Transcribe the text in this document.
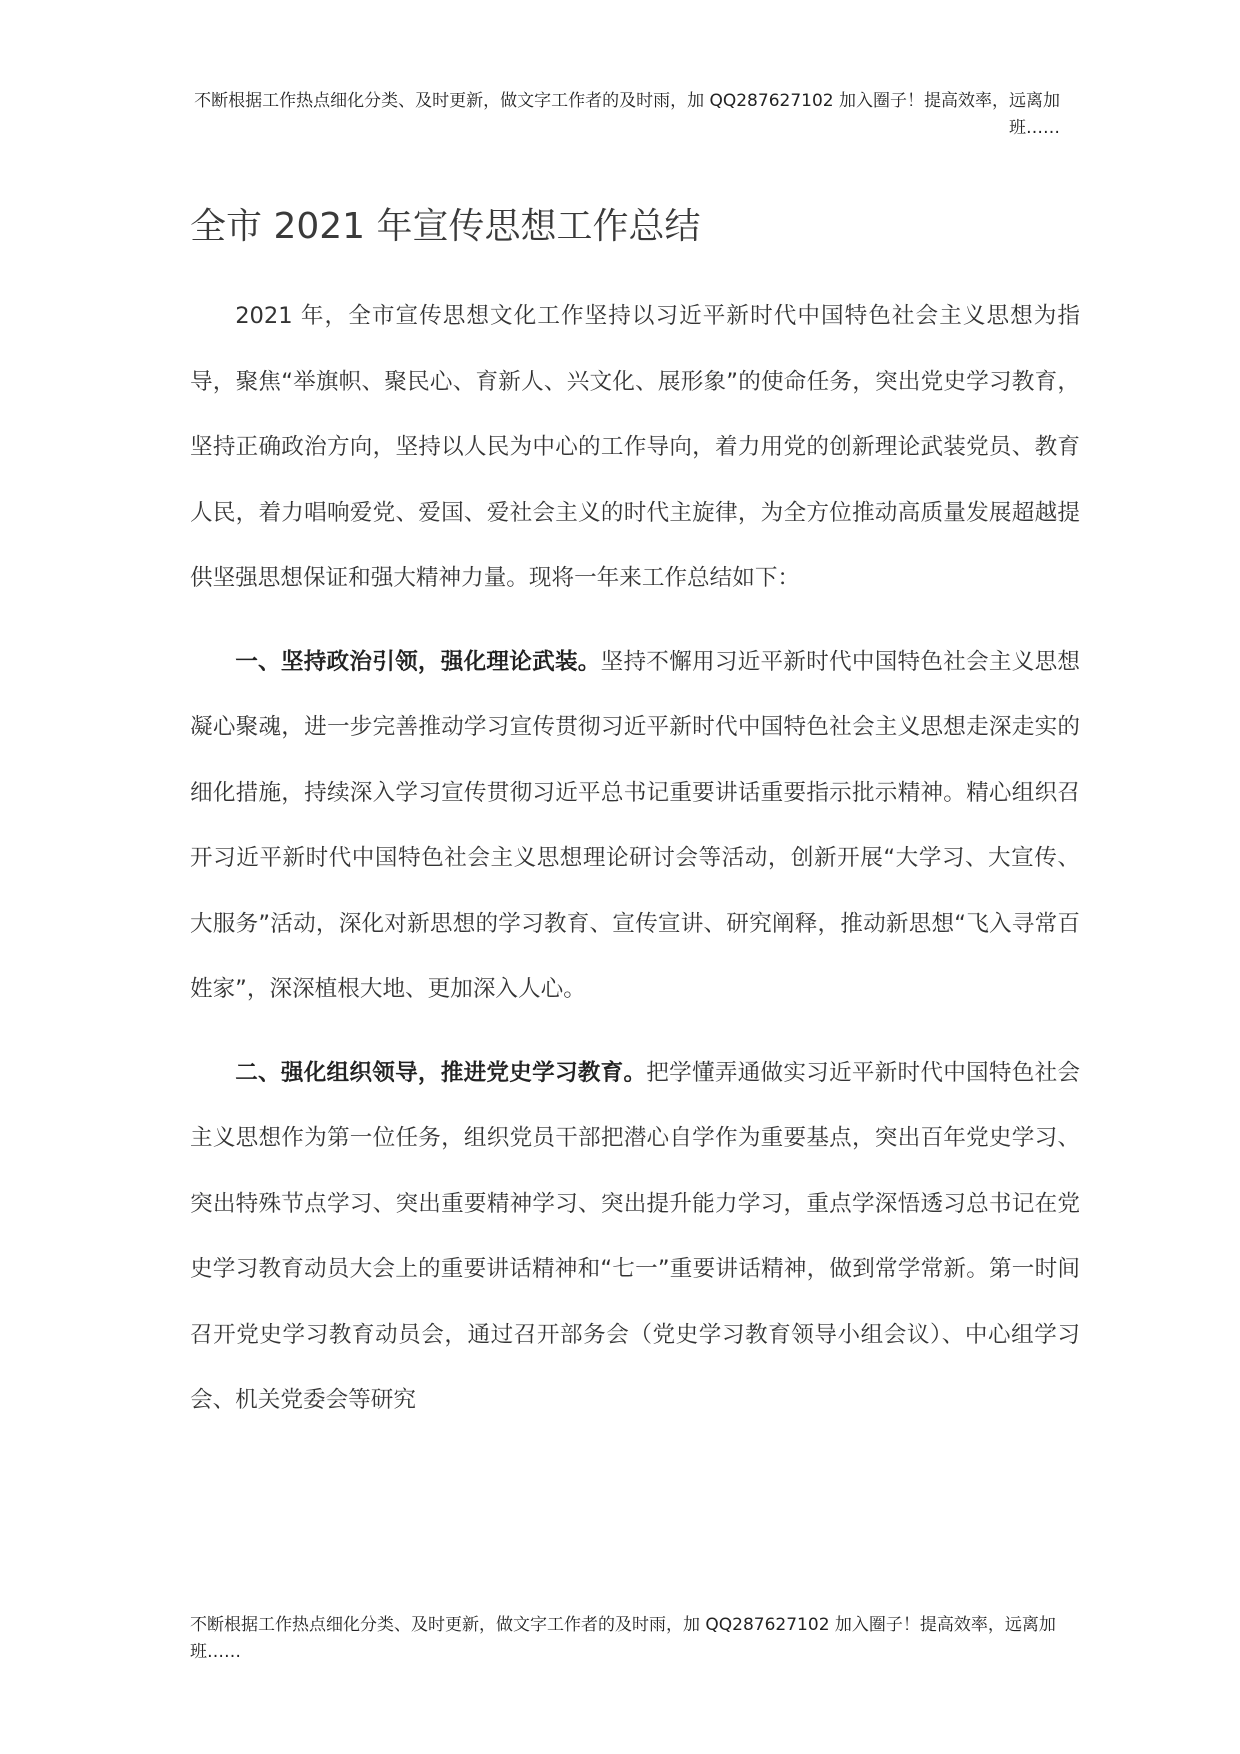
不断根据工作热点细化分类、及时更新，做文字工作者的及时雨，加 QQ287627102 加入圈子！提高效率，远离加班……
全市 2021 年宣传思想工作总结

2021 年，全市宣传思想文化工作坚持以习近平新时代中国特色社会主义思想为指导，聚焦“举旗帜、聚民心、育新人、兴文化、展形象”的使命任务，突出党史学习教育，坚持正确政治方向，坚持以人民为中心的工作导向，着力用党的创新理论武装党员、教育人民，着力唱响爱党、爱国、爱社会主义的时代主旋律，为全方位推动高质量发展超越提供坚强思想保证和强大精神力量。现将一年来工作总结如下：

一、坚持政治引领，强化理论武装。坚持不懈用习近平新时代中国特色社会主义思想凝心聚魂，进一步完善推动学习宣传贯彻习近平新时代中国特色社会主义思想走深走实的细化措施，持续深入学习宣传贯彻习近平总书记重要讲话重要指示批示精神。精心组织召开习近平新时代中国特色社会主义思想理论研讨会等活动，创新开展“大学习、大宣传、大服务”活动，深化对新思想的学习教育、宣传宣讲、研究阐释，推动新思想“飞入寻常百姓家”，深深植根大地、更加深入人心。

二、强化组织领导，推进党史学习教育。把学懂弄通做实习近平新时代中国特色社会主义思想作为第一位任务，组织党员干部把潜心自学作为重要基点，突出百年党史学习、突出特殊节点学习、突出重要精神学习、突出提升能力学习，重点学深悟透习总书记在党史学习教育动员大会上的重要讲话精神和“七一”重要讲话精神，做到常学常新。第一时间召开党史学习教育动员会，通过召开部务会（党史学习教育领导小组会议）、中心组学习会、机关党委会等研究

不断根据工作热点细化分类、及时更新，做文字工作者的及时雨，加 QQ287627102 加入圈子！提高效率，远离加班……
